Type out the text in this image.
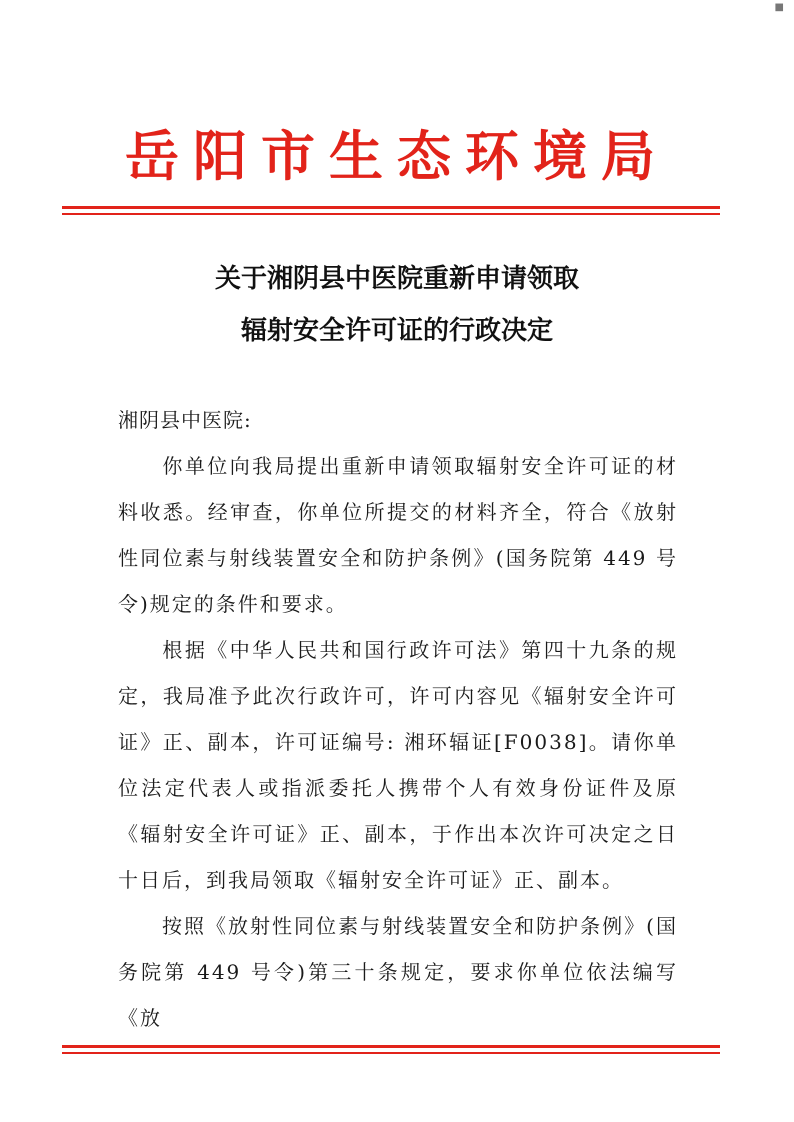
■
岳阳市生态环境局
关于湘阴县中医院重新申请领取
辐射安全许可证的行政决定
湘阴县中医院:
你单位向我局提出重新申请领取辐射安全许可证的材料收悉。经审查，你单位所提交的材料齐全，符合《放射性同位素与射线装置安全和防护条例》(国务院第 449 号令)规定的条件和要求。
根据《中华人民共和国行政许可法》第四十九条的规定，我局准予此次行政许可，许可内容见《辐射安全许可证》正、副本，许可证编号: 湘环辐证[F0038]。请你单位法定代表人或指派委托人携带个人有效身份证件及原《辐射安全许可证》正、副本，于作出本次许可决定之日十日后，到我局领取《辐射安全许可证》正、副本。
按照《放射性同位素与射线装置安全和防护条例》(国务院第 449 号令)第三十条规定，要求你单位依法编写《放
